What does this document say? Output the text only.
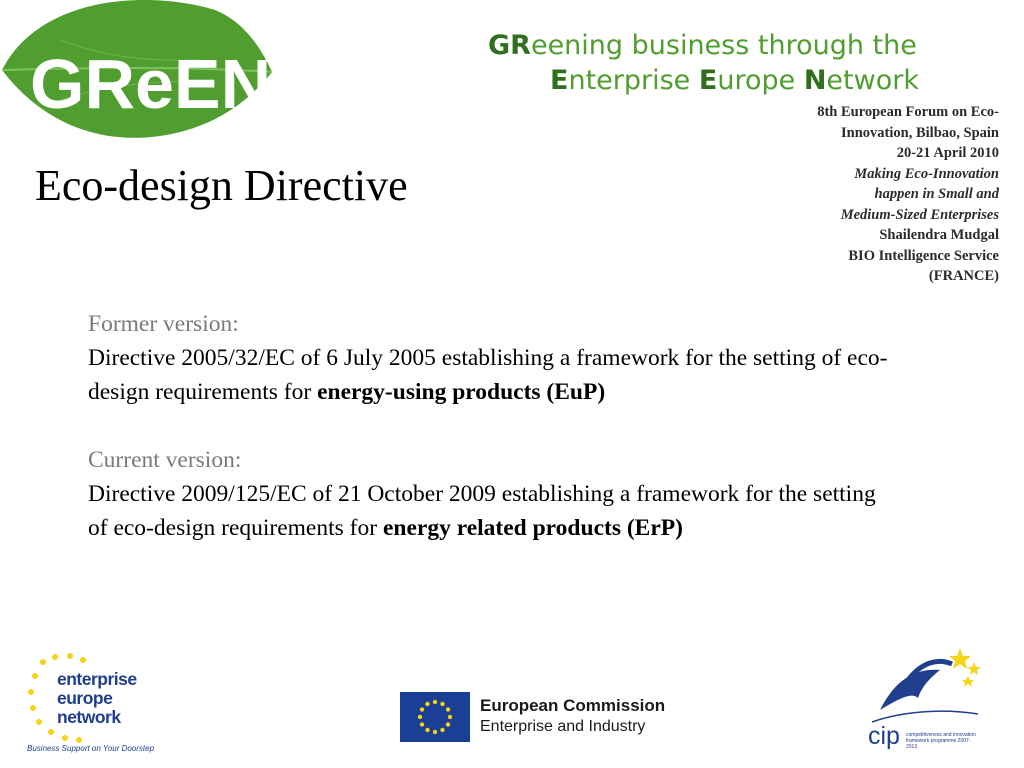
GReEN	GReening business through the
Enterprise Europe Network
8th European Forum on Eco-
Innovation, Bilbao, Spain
20-21 April 2010
Making Eco-Innovation
happen in Small and
Medium-Sized Enterprises
Shailendra Mudgal
BIO Intelligence Service
(FRANCE)
Eco-design Directive
Former version:
Directive 2005/32/EC of 6 July 2005 establishing a framework for the setting of eco-design requirements for energy-using products (EuP)
Current version:
Directive 2009/125/EC of 21 October 2009 establishing a framework for the setting of eco-design requirements for energy related products (ErP)
enterprise
europe
network
Business Support on Your Doorstep
European Commission
Enterprise and Industry	cip competitiveness and innovation framework programme 2007-2013
